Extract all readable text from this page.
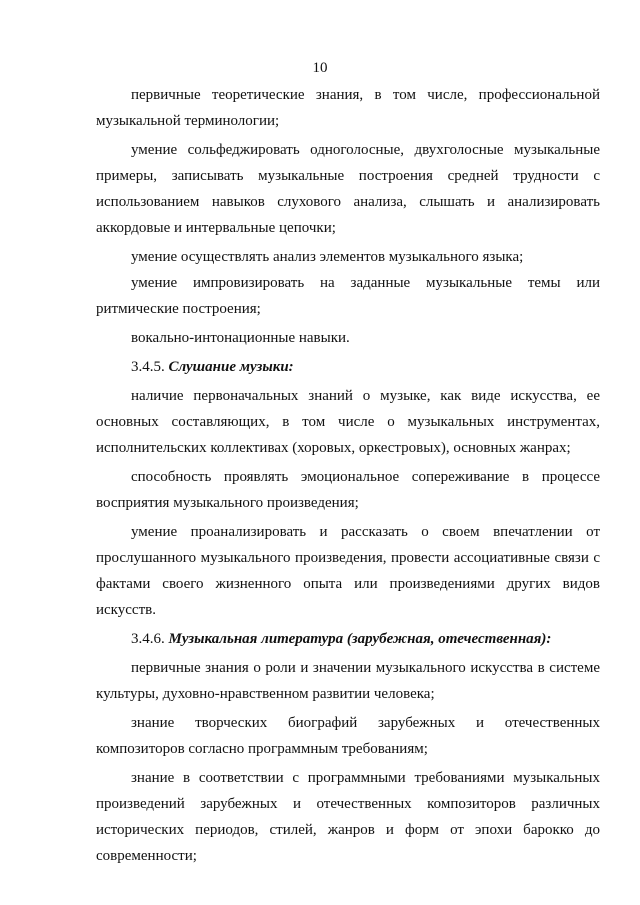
10
первичные теоретические знания, в том числе, профессиональной
музыкальной терминологии;
умение сольфеджировать одноголосные, двухголосные музыкальные
примеры, записывать музыкальные построения средней трудности с
использованием навыков слухового анализа, слышать и анализировать
аккордовые и интервальные цепочки;
умение осуществлять анализ элементов музыкального языка;
умение импровизировать на заданные музыкальные темы или
ритмические построения;
вокально-интонационные навыки.
3.4.5. Слушание музыки:
наличие первоначальных знаний о музыке, как виде искусства, ее
основных составляющих, в том числе о музыкальных инструментах,
исполнительских коллективах (хоровых, оркестровых), основных жанрах;
способность проявлять эмоциональное сопереживание в процессе
восприятия музыкального произведения;
умение проанализировать и рассказать о своем впечатлении от
прослушанного музыкального произведения, провести ассоциативные связи с
фактами своего жизненного опыта или произведениями других видов
искусств.
3.4.6. Музыкальная литература (зарубежная, отечественная):
первичные знания о роли и значении музыкального искусства в системе
культуры, духовно-нравственном развитии человека;
знание творческих биографий зарубежных и отечественных
композиторов согласно программным требованиям;
знание в соответствии с программными требованиями музыкальных
произведений зарубежных и отечественных композиторов различных
исторических периодов, стилей, жанров и форм от эпохи барокко до
современности;
